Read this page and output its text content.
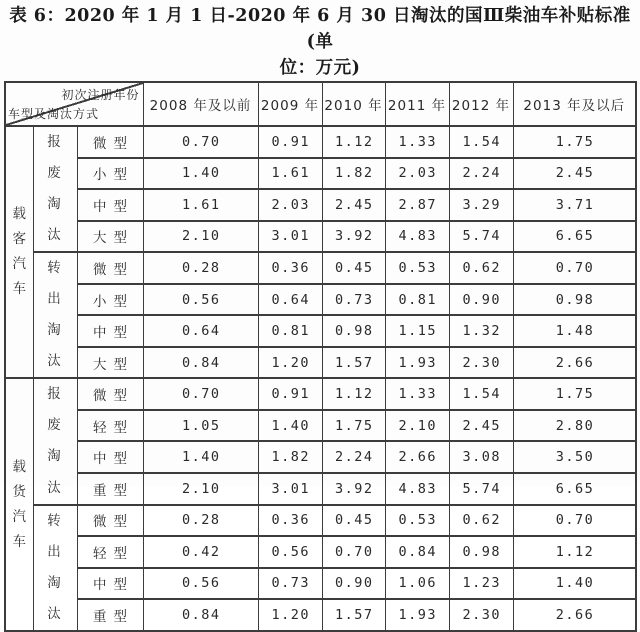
表 6：2020 年 1 月 1 日-2020 年 6 月 30 日淘汰的国Ⅲ柴油车补贴标准(单
位：万元)
初次注册年份
车型及淘汰方式			2008 年及以前	2009 年	2010 年	2011 年	2012 年	2013 年及以后
载客汽车	报废淘汰	微型	0.70	0.91	1.12	1.33	1.54	1.75
		小型	1.40	1.61	1.82	2.03	2.24	2.45
		中型	1.61	2.03	2.45	2.87	3.29	3.71
		大型	2.10	3.01	3.92	4.83	5.74	6.65
	转出淘汰	微型	0.28	0.36	0.45	0.53	0.62	0.70
		小型	0.56	0.64	0.73	0.81	0.90	0.98
		中型	0.64	0.81	0.98	1.15	1.32	1.48
		大型	0.84	1.20	1.57	1.93	2.30	2.66
载货汽车	报废淘汰	微型	0.70	0.91	1.12	1.33	1.54	1.75
		轻型	1.05	1.40	1.75	2.10	2.45	2.80
		中型	1.40	1.82	2.24	2.66	3.08	3.50
		重型	2.10	3.01	3.92	4.83	5.74	6.65
	转出淘汰	微型	0.28	0.36	0.45	0.53	0.62	0.70
		轻型	0.42	0.56	0.70	0.84	0.98	1.12
		中型	0.56	0.73	0.90	1.06	1.23	1.40
		重型	0.84	1.20	1.57	1.93	2.30	2.66
